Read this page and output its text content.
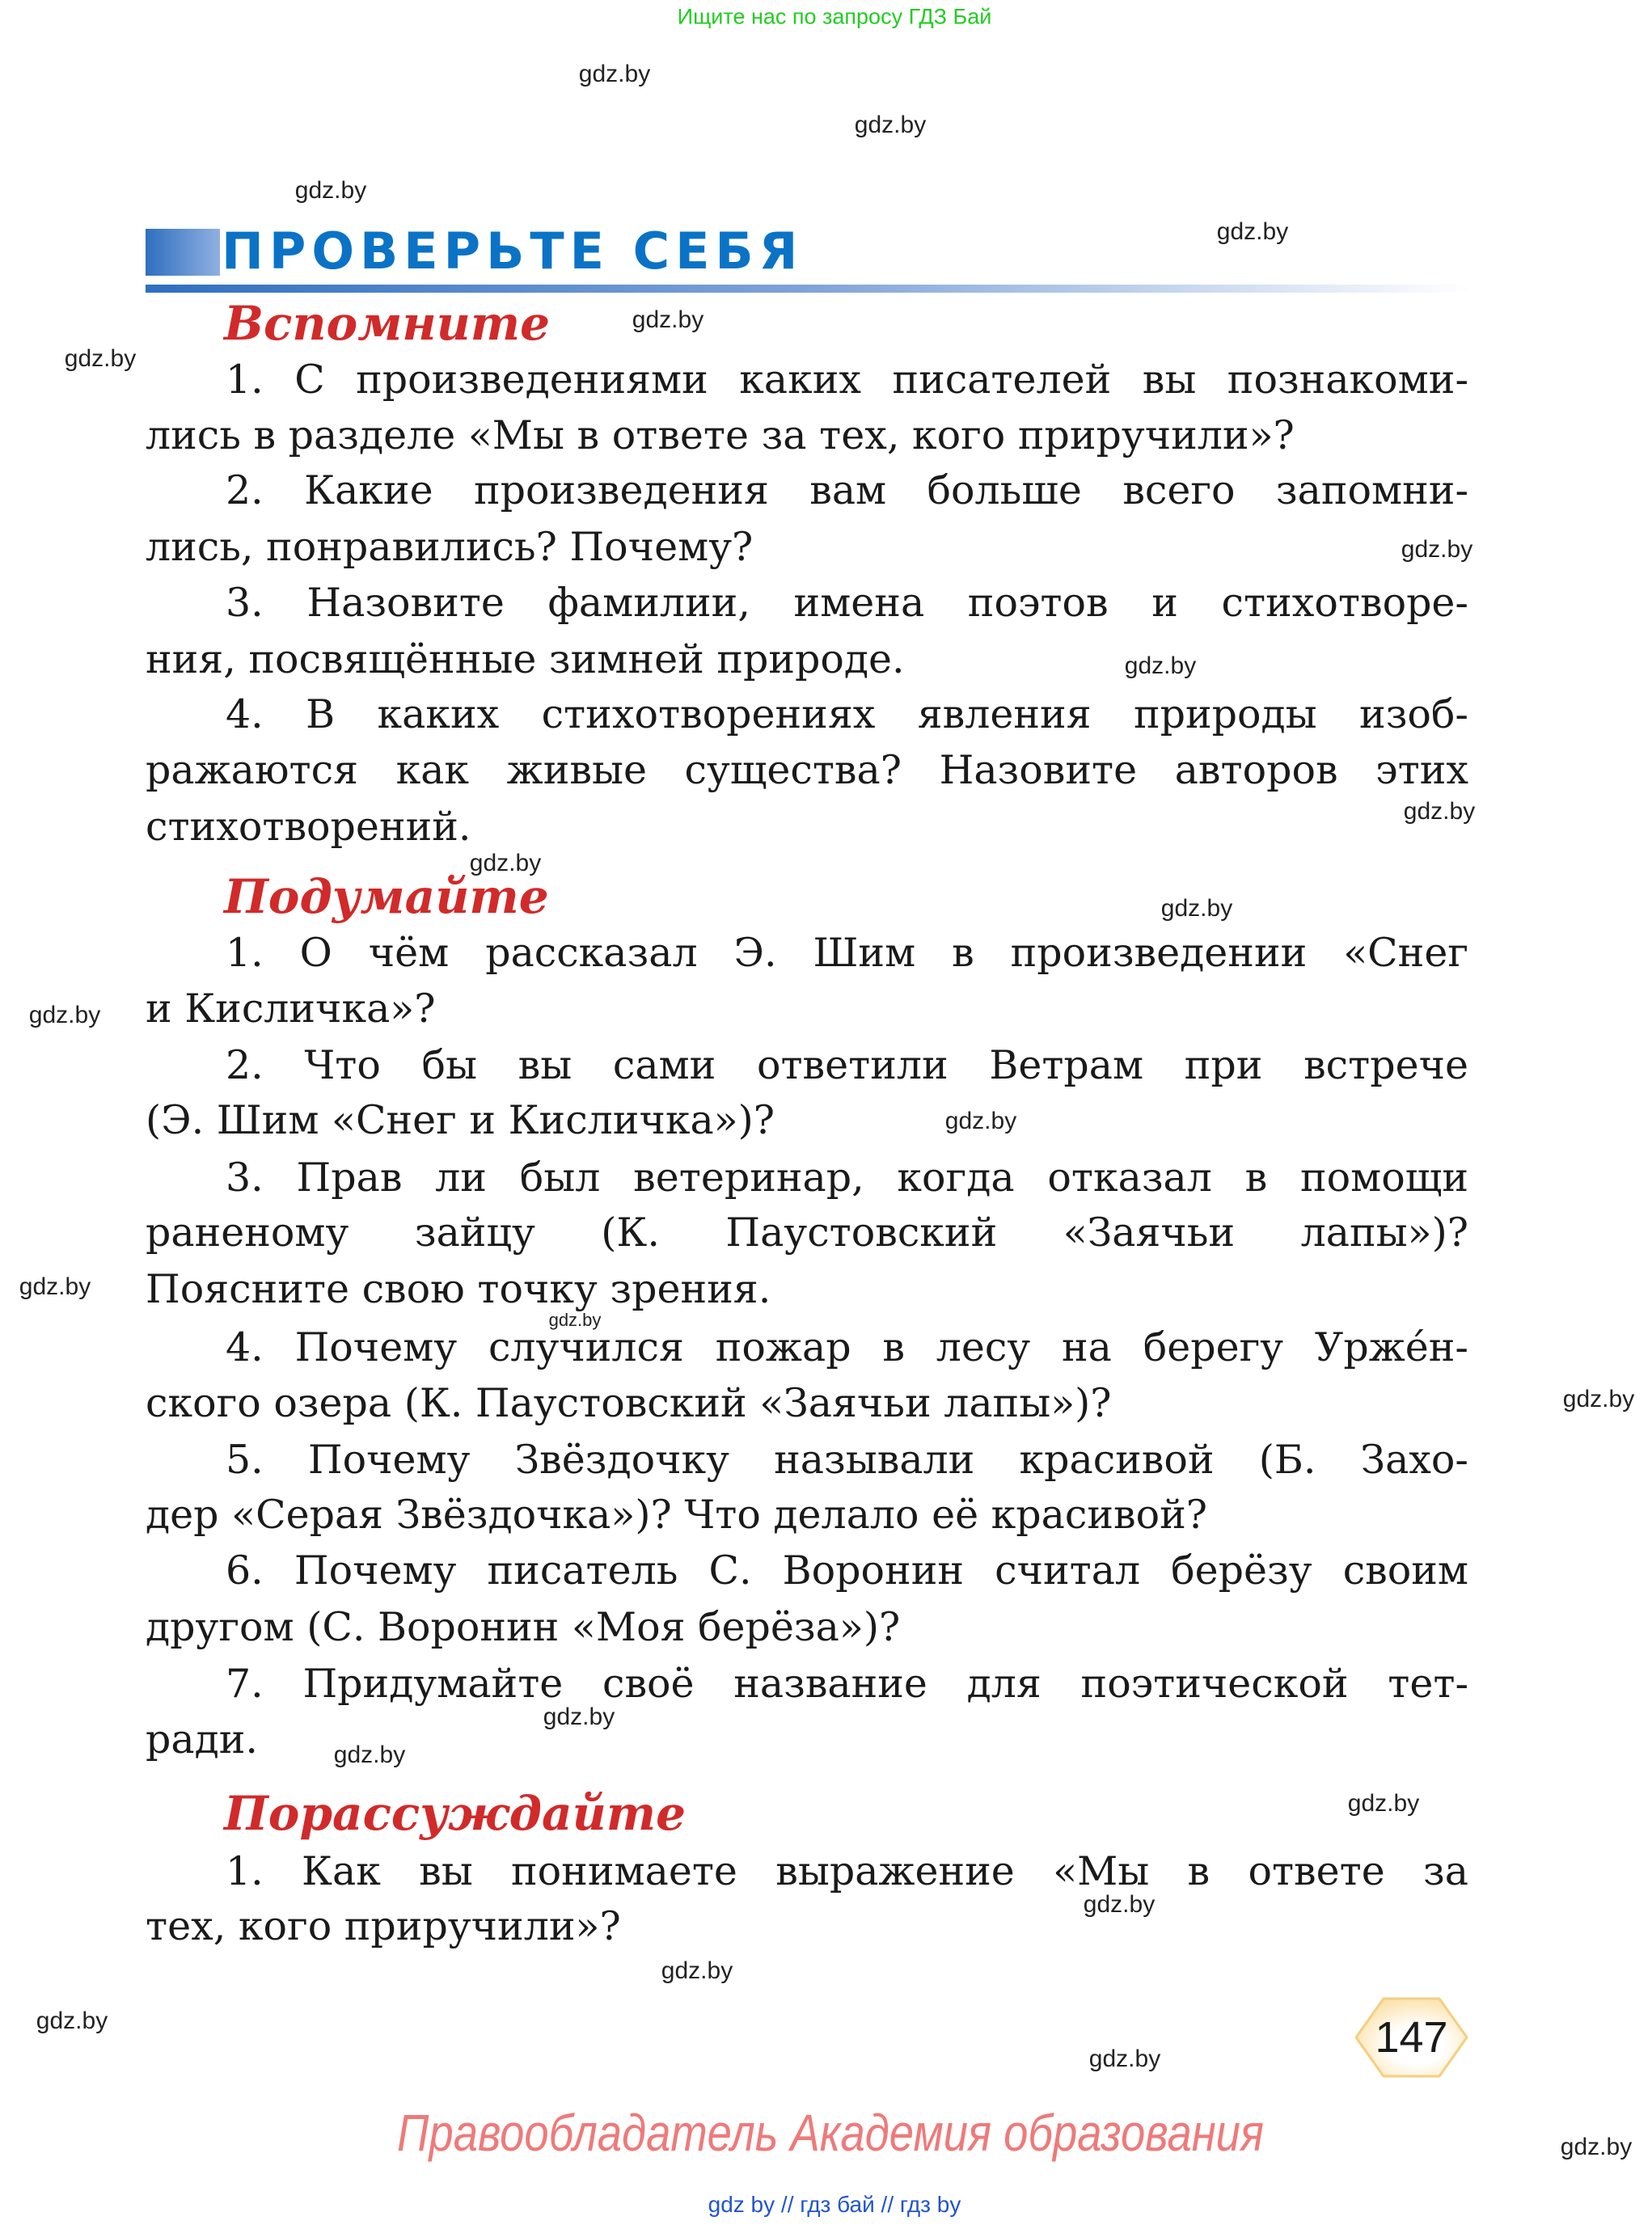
Ищите нас по запросу ГДЗ Бай
ПРОВЕРЬТЕ СЕБЯ
Вспомните
1. С произведениями каких писателей вы познакоми-
лись в разделе «Мы в ответе за тех, кого приручили»?
2. Какие произведения вам больше всего запомни-
лись, понравились? Почему?
3. Назовите фамилии, имена поэтов и стихотворе-
ния, посвящённые зимней природе.
4. В каких стихотворениях явления природы изоб-
ражаются как живые существа? Назовите авторов этих
стихотворений.
Подумайте
1. О чём рассказал Э. Шим в произведении «Снег
и Кисличка»?
2. Что бы вы сами ответили Ветрам при встрече
(Э. Шим «Снег и Кисличка»)?
3. Прав ли был ветеринар, когда отказал в помощи
раненому зайцу (К. Паустовский «Заячьи лапы»)?
Поясните свою точку зрения.
4. Почему случился пожар в лесу на берегу Урже́н-
ского озера (К. Паустовский «Заячьи лапы»)?
5. Почему Звёздочку называли красивой (Б. Захо-
дер «Серая Звёздочка»)? Что делало её красивой?
6. Почему писатель С. Воронин считал берёзу своим
другом (С. Воронин «Моя берёза»)?
7. Придумайте своё название для поэтической тет-
ради.
Порассуждайте
1. Как вы понимаете выражение «Мы в ответе за
тех, кого приручили»?
gdz.by
gdz.by
gdz.by
gdz.by
gdz.by
gdz.by
gdz.by
gdz.by
gdz.by
gdz.by
gdz.by
gdz.by
gdz.by
gdz.by
gdz.by
gdz.by
gdz.by
gdz.by
gdz.by
gdz.by
gdz.by
gdz.by
gdz.by
gdz.by
147
Правообладатель Академия образования
gdz by // гдз бай // гдз by
